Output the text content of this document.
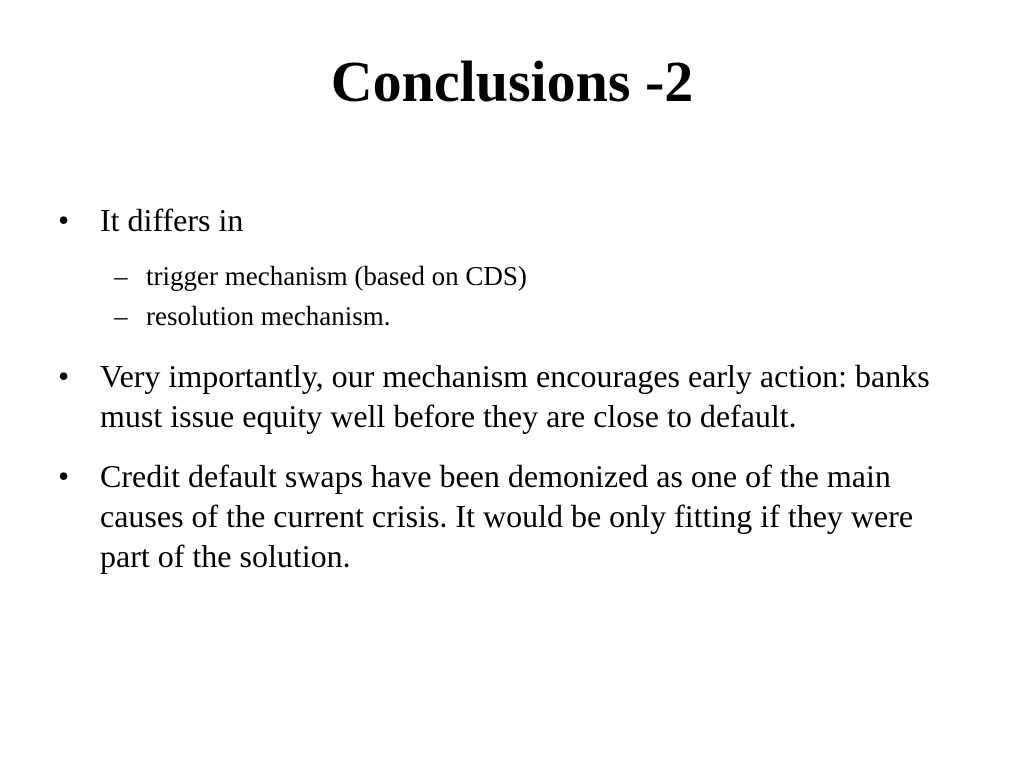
Conclusions -2
• It differs in
– trigger mechanism (based on CDS)
– resolution mechanism.
• Very importantly, our mechanism encourages early action: banks must issue equity well before they are close to default.
• Credit default swaps have been demonized as one of the main causes of the current crisis. It would be only fitting if they were part of the solution.
